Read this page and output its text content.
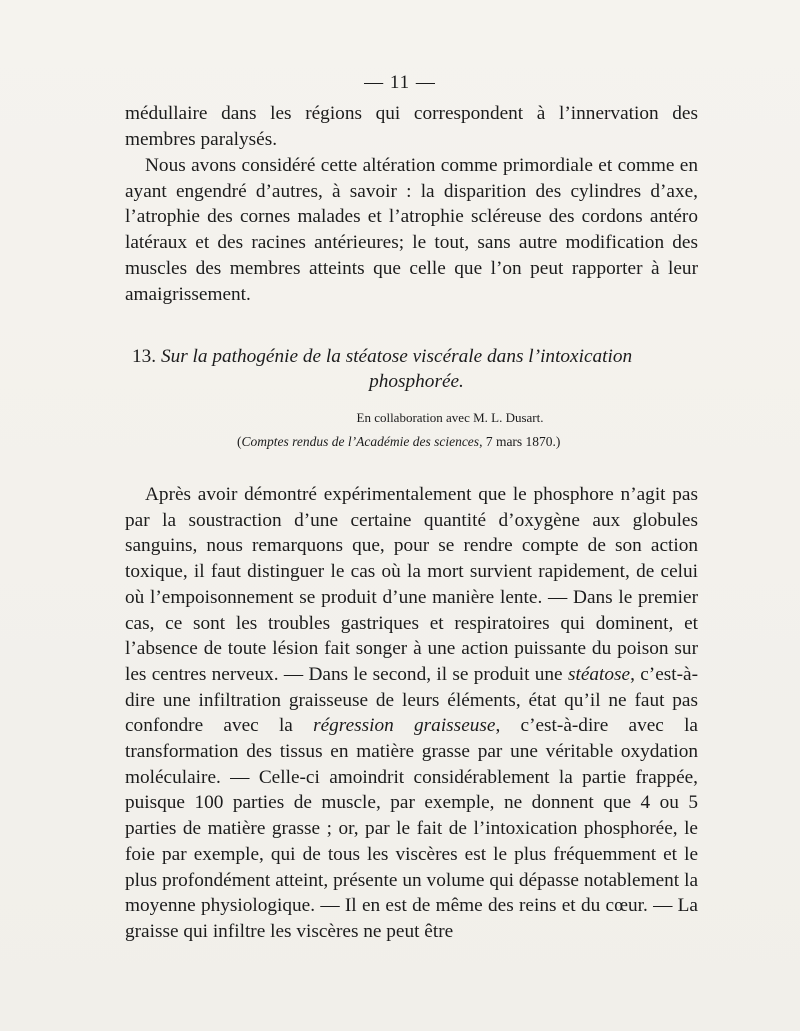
— 11 —

médullaire dans les régions qui correspondent à l’innervation des membres paralysés.

Nous avons considéré cette altération comme primordiale et comme en ayant engendré d’autres, à savoir : la disparition des cylindres d’axe, l’atrophie des cornes malades et l’atrophie scléreuse des cordons antéro latéraux et des racines antérieures; le tout, sans autre modification des muscles des membres atteints que celle que l’on peut rapporter à leur amaigrissement.

13. Sur la pathogénie de la stéatose viscérale dans l’intoxication
phosphorée.
En collaboration avec M. L. Dusart.
(Comptes rendus de l’Académie des sciences, 7 mars 1870.)

Après avoir démontré expérimentalement que le phosphore n’agit pas par la soustraction d’une certaine quantité d’oxygène aux globules sanguins, nous remarquons que, pour se rendre compte de son action toxique, il faut distinguer le cas où la mort survient rapidement, de celui où l’empoisonnement se produit d’une manière lente. — Dans le premier cas, ce sont les troubles gastriques et respiratoires qui dominent, et l’absence de toute lésion fait songer à une action puissante du poison sur les centres nerveux. — Dans le second, il se produit une stéatose, c’est-à-dire une infiltration graisseuse de leurs éléments, état qu’il ne faut pas confondre avec la régression graisseuse, c’est-à-dire avec la transformation des tissus en matière grasse par une véritable oxydation moléculaire. — Celle-ci amoindrit considérablement la partie frappée, puisque 100 parties de muscle, par exemple, ne donnent que 4 ou 5 parties de matière grasse ; or, par le fait de l’intoxication phosphorée, le foie par exemple, qui de tous les viscères est le plus fréquemment et le plus profondément atteint, présente un volume qui dépasse notablement la moyenne physiologique. — Il en est de même des reins et du cœur. — La graisse qui infiltre les viscères ne peut être
